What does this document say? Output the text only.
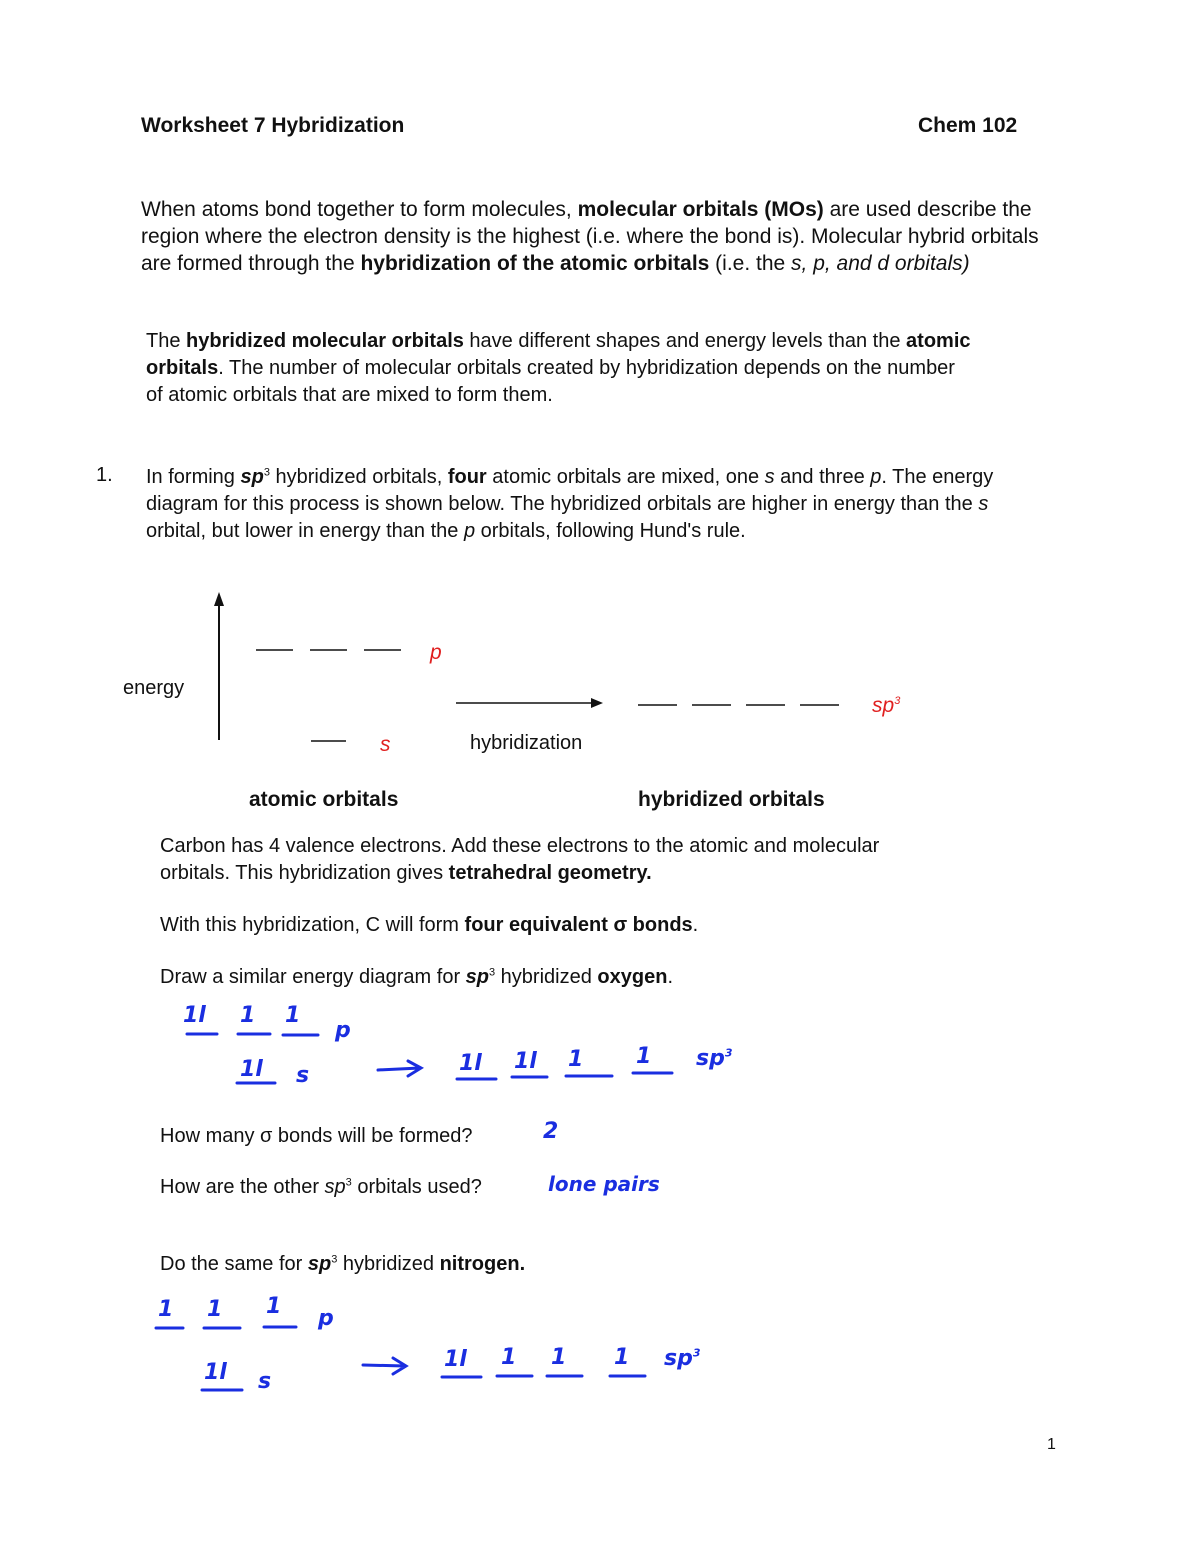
Worksheet 7 Hybridization	Chem 102
When atoms bond together to form molecules, molecular orbitals (MOs) are used describe the region where the electron density is the highest (i.e. where the bond is). Molecular hybrid orbitals are formed through the hybridization of the atomic orbitals (i.e. the s, p, and d orbitals)
The hybridized molecular orbitals have different shapes and energy levels than the atomic orbitals. The number of molecular orbitals created by hybridization depends on the number of atomic orbitals that are mixed to form them.
1. In forming $sp^3$ hybridized orbitals, four atomic orbitals are mixed, one s and three p. The energy diagram for this process is shown below. The hybridized orbitals are higher in energy than the s orbital, but lower in energy than the p orbitals, following Hund's rule.
energy
p
s	hybridization
$sp^3$
atomic orbitals	hybridized orbitals
Carbon has 4 valence electrons. Add these electrons to the atomic and molecular orbitals. This hybridization gives tetrahedral geometry.
With this hybridization, C will form four equivalent σ bonds.
Draw a similar energy diagram for $sp^3$ hybridized oxygen.
1l 1 1
p
1l s	1l 1l 1 1 $sp^3$
How many σ bonds will be formed?	2
How are the other $sp^3$ orbitals used?	lone pairs
Do the same for $sp^3$ hybridized nitrogen.
1 1 1 p
1l s
1l 1 1 1 $sp^3$
1
